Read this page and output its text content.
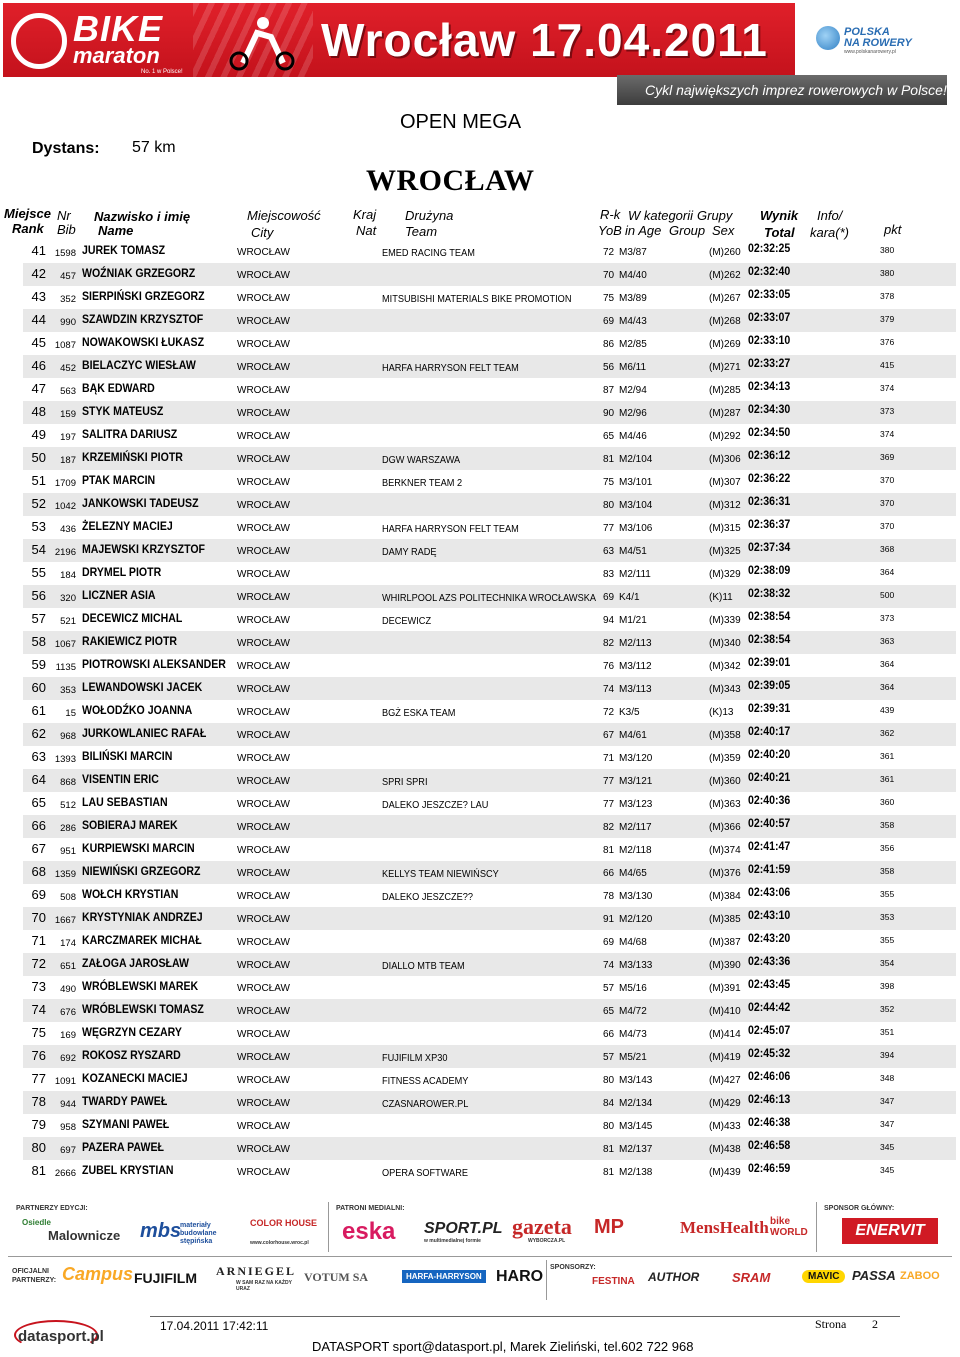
BIKE
maraton
No. 1 w Polsce!
Wrocław 17.04.2011	POLSKA
NA ROWERY
www.polskanarowery.pl
Cykl największych imprez rowerowych w Polsce!
Dystans: 57 km
OPEN MEGA
WROCŁAW
Miejsce
Rank
Nr
Bib
Nazwisko i imię
Name
Miejscowość
City
Kraj
Nat
Drużyna
Team
R-k
YoB
W kategorii
in Age
Grupy
Group Sex
Wynik
Total
Info/
kara(*)	pkt
41 1598 JUREK TOMASZ	WROCŁAW	EMED RACING TEAM	72 M3/87	(M)260 02:32:25	380
42	457 WOŹNIAK GRZEGORZ	WROCŁAW	70 M4/40	(M)262 02:32:40	380
43	352 SIERPIŃSKI GRZEGORZ	WROCŁAW	MITSUBISHI MATERIALS BIKE PROMOTION	75 M3/89	(M)267 02:33:05	378
44	990 SZAWDZIN KRZYSZTOF	WROCŁAW	69 M4/43	(M)268 02:33:07	379
45 1087 NOWAKOWSKI ŁUKASZ	WROCŁAW	86 M2/85	(M)269 02:33:10	376
46	452 BIELACZYC WIESŁAW	WROCŁAW	HARFA HARRYSON FELT TEAM	56 M6/11	(M)271 02:33:27	415
47	563 BĄK EDWARD	WROCŁAW	87 M2/94	(M)285 02:34:13	374
48	159 STYK MATEUSZ	WROCŁAW	90 M2/96	(M)287 02:34:30	373
49	197 SALITRA DARIUSZ	WROCŁAW	65 M4/46	(M)292 02:34:50	374
50	187 KRZEMIŃSKI PIOTR	WROCŁAW	DGW WARSZAWA	81 M2/104	(M)306 02:36:12	369
51 1709 PTAK MARCIN	WROCŁAW	BERKNER TEAM 2	75 M3/101	(M)307 02:36:22	370
52 1042 JANKOWSKI TADEUSZ	WROCŁAW	80 M3/104	(M)312 02:36:31	370
53	436 ŻELEZNY MACIEJ	WROCŁAW	HARFA HARRYSON FELT TEAM	77 M3/106	(M)315 02:36:37	370
54 2196 MAJEWSKI KRZYSZTOF	WROCŁAW	DAMY RADĘ	63 M4/51	(M)325 02:37:34	368
55	184 DRYMEL PIOTR	WROCŁAW	83 M2/111	(M)329 02:38:09	364
56	320 LICZNER ASIA	WROCŁAW	WHIRLPOOL AZS POLITECHNIKA WROCŁAWSKA 69 K4/1	(K)11 02:38:32	500
57	521 DECEWICZ MICHAL	WROCŁAW	DECEWICZ	94 M1/21	(M)339 02:38:54	373
58 1067 RAKIEWICZ PIOTR	WROCŁAW	82 M2/113	(M)340 02:38:54	363
59 1135 PIOTROWSKI ALEKSANDER WROCŁAW	76 M3/112	(M)342 02:39:01	364
60	353 LEWANDOWSKI JACEK	WROCŁAW	74 M3/113	(M)343 02:39:05	364
61	15 WOŁODŹKO JOANNA	WROCŁAW	BGŻ ESKA TEAM	72 K3/5	(K)13 02:39:31	439
62	968 JURKOWLANIEC RAFAŁ	WROCŁAW	67 M4/61	(M)358 02:40:17	362
63 1393 BILIŃSKI MARCIN	WROCŁAW	71 M3/120	(M)359 02:40:20	361
64	868 VISENTIN ERIC	WROCŁAW	SPRI SPRI	77 M3/121	(M)360 02:40:21	361
65	512 LAU SEBASTIAN	WROCŁAW	DALEKO JESZCZE? LAU	77 M3/123	(M)363 02:40:36	360
66	286 SOBIERAJ MAREK	WROCŁAW	82 M2/117	(M)366 02:40:57	358
67	951 KURPIEWSKI MARCIN	WROCŁAW	81 M2/118	(M)374 02:41:47	356
68 1359 NIEWIŃSKI GRZEGORZ	WROCŁAW	KELLYS TEAM NIEWIŃSCY	66 M4/65	(M)376 02:41:59	358
69	508 WOŁCH KRYSTIAN	WROCŁAW	DALEKO JESZCZE??	78 M3/130	(M)384 02:43:06	355
70 1667 KRYSTYNIAK ANDRZEJ	WROCŁAW	91 M2/120	(M)385 02:43:10	353
71	174 KARCZMAREK MICHAŁ	WROCŁAW	69 M4/68	(M)387 02:43:20	355
72	651 ZAŁOGA JAROSŁAW	WROCŁAW	DIALLO MTB TEAM	74 M3/133	(M)390 02:43:36	354
73	490 WRÓBLEWSKI MAREK	WROCŁAW	57 M5/16	(M)391 02:43:45	398
74	676 WRÓBLEWSKI TOMASZ	WROCŁAW	65 M4/72	(M)410 02:44:42	352
75	169 WĘGRZYN CEZARY	WROCŁAW	66 M4/73	(M)414 02:45:07	351
76	692 ROKOSZ RYSZARD	WROCŁAW	FUJIFILM XP30	57 M5/21	(M)419 02:45:32	394
77 1091 KOZANECKI MACIEJ	WROCŁAW	FITNESS ACADEMY	80 M3/143	(M)427 02:46:06	348
78	944 TWARDY PAWEŁ	WROCŁAW	CZASNAROWER.PL	84 M2/134	(M)429 02:46:13	347
79	958 SZYMANI PAWEŁ	WROCŁAW	80 M3/145	(M)433 02:46:38	347
80	697 PAZERA PAWEŁ	WROCŁAW	81 M2/137	(M)438 02:46:58	345
81 2666 ZUBEL KRYSTIAN	WROCŁAW	OPERA SOFTWARE	81 M2/138	(M)439 02:46:59	345
PARTNERZY EDYCJI:	PATRONI MEDIALNI:	SPONSOR GŁÓWNY:
Osiedle
Malownicze mbs
materiały budowlane stępińska
COLOR HOUSE
www.colorhouse.wroc.pl eska SPORT.PL
w multimedialnej formie
gazeta
WYBORCZA.PL
MP	MensHealth bike WORLD	ENERVIT
OFICJALNI
PARTNERZY: Campus FUJIFILM ARNIEGEL
W SAM RAZ NA KAŻDY URAZ
VOTUM SA	HARFA-HARRYSON HARO
SPONSORZY:
FESTINA AUTHOR	SRAM	MAVIC PASSA ZABOO
datasport.pl
17.04.2011 17:42:11	Strona 2
DATASPORT sport@datasport.pl, Marek Zieliński, tel.602 722 968
